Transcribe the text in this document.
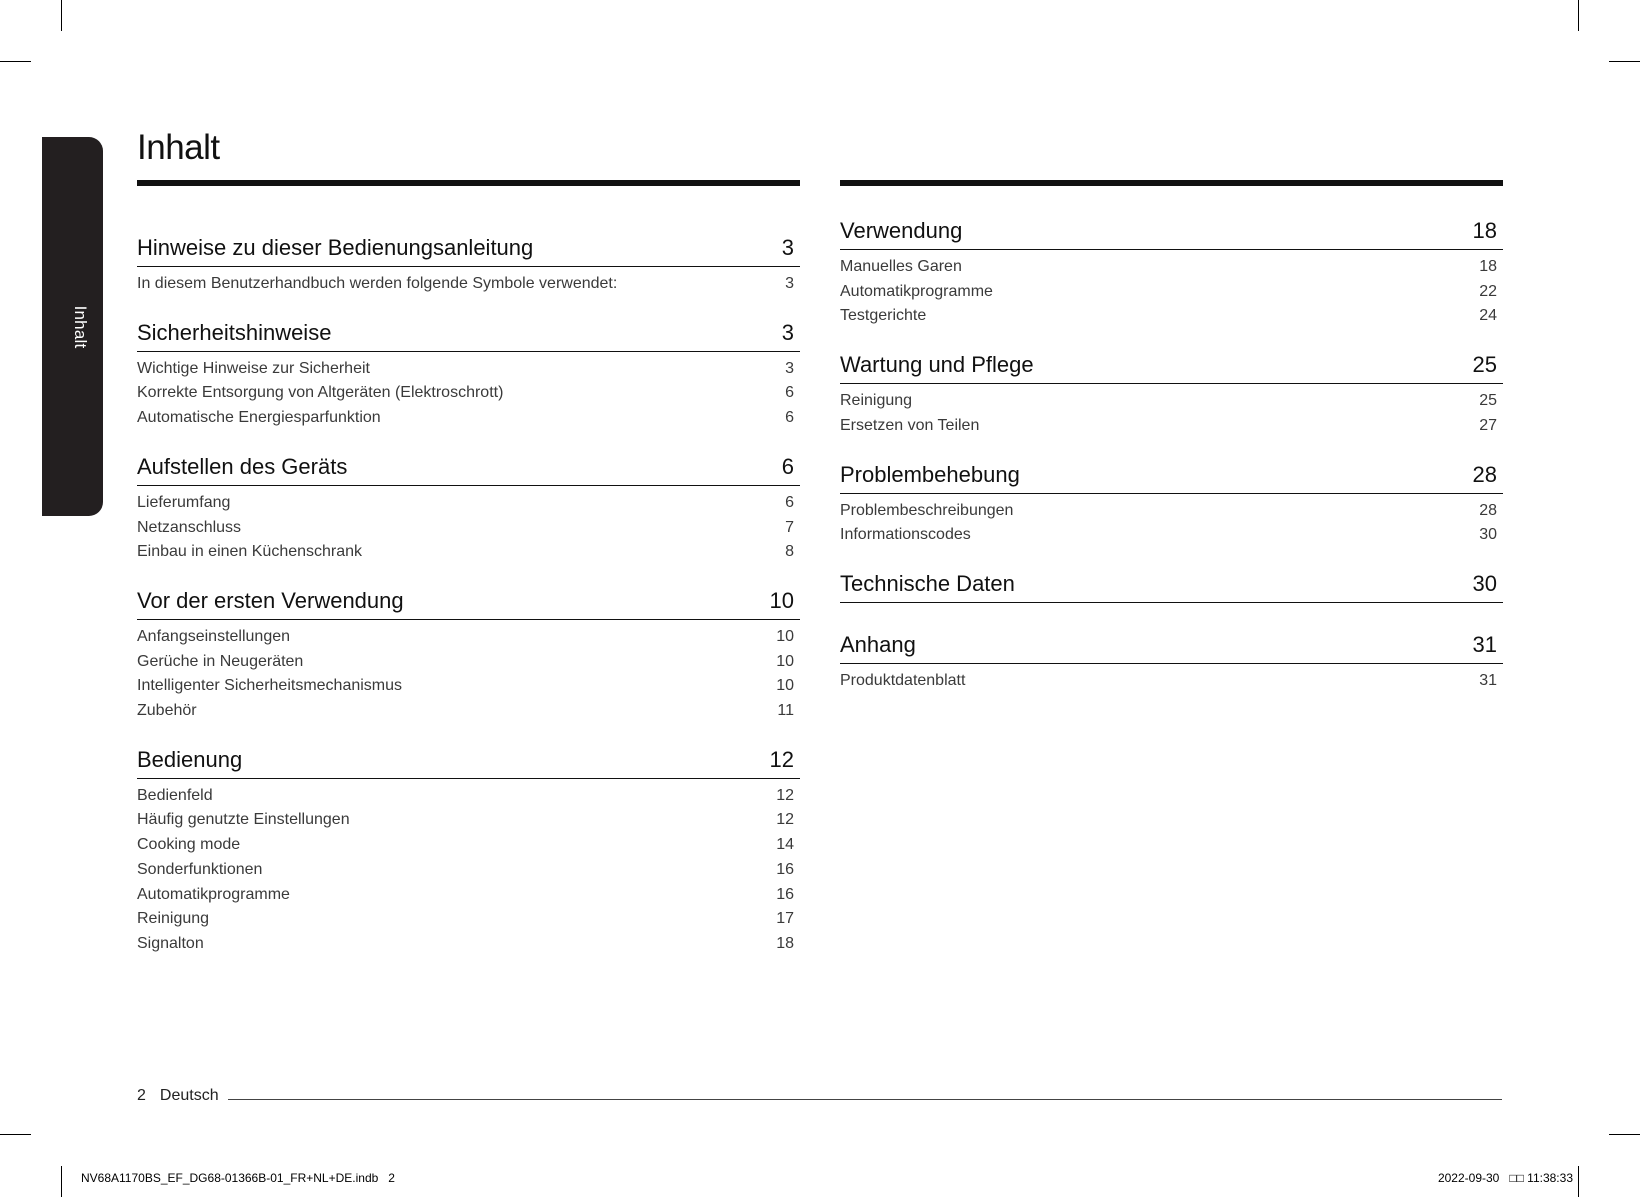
Inhalt
Inhalt
Hinweise zu dieser Bedienungsanleitung	3
In diesem Benutzerhandbuch werden folgende Symbole verwendet:	3
Sicherheitshinweise	3
Wichtige Hinweise zur Sicherheit	3
Korrekte Entsorgung von Altgeräten (Elektroschrott)	6
Automatische Energiesparfunktion	6
Aufstellen des Geräts	6
Lieferumfang	6
Netzanschluss	7
Einbau in einen Küchenschrank	8
Vor der ersten Verwendung	10
Anfangseinstellungen	10
Gerüche in Neugeräten	10
Intelligenter Sicherheitsmechanismus	10
Zubehör	11
Bedienung	12
Bedienfeld	12
Häufig genutzte Einstellungen	12
Cooking mode	14
Sonderfunktionen	16
Automatikprogramme	16
Reinigung	17
Signalton	18
Verwendung	18
Manuelles Garen	18
Automatikprogramme	22
Testgerichte	24
Wartung und Pflege	25
Reinigung	25
Ersetzen von Teilen	27
Problembehebung	28
Problembeschreibungen	28
Informationscodes	30
Technische Daten	30
Anhang	31
Produktdatenblatt	31
2 Deutsch
NV68A1170BS_EF_DG68-01366B-01_FR+NL+DE.indb   2	2022-09-30   □□ 11:38:33
